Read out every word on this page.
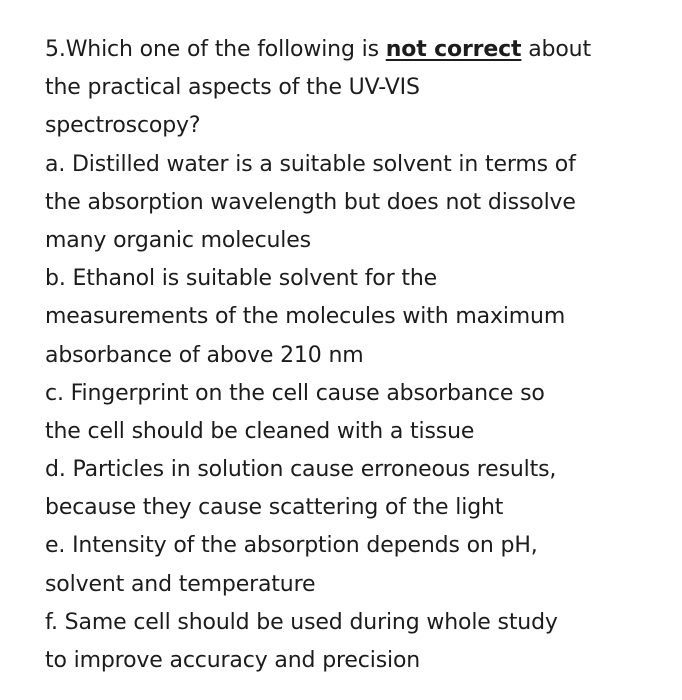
5.Which one of the following is not correct about
the practical aspects of the UV-VIS
spectroscopy?
a. Distilled water is a suitable solvent in terms of
the absorption wavelength but does not dissolve
many organic molecules
b. Ethanol is suitable solvent for the
measurements of the molecules with maximum
absorbance of above 210 nm
c. Fingerprint on the cell cause absorbance so
the cell should be cleaned with a tissue
d. Particles in solution cause erroneous results,
because they cause scattering of the light
e. Intensity of the absorption depends on pH,
solvent and temperature
f. Same cell should be used during whole study
to improve accuracy and precision
